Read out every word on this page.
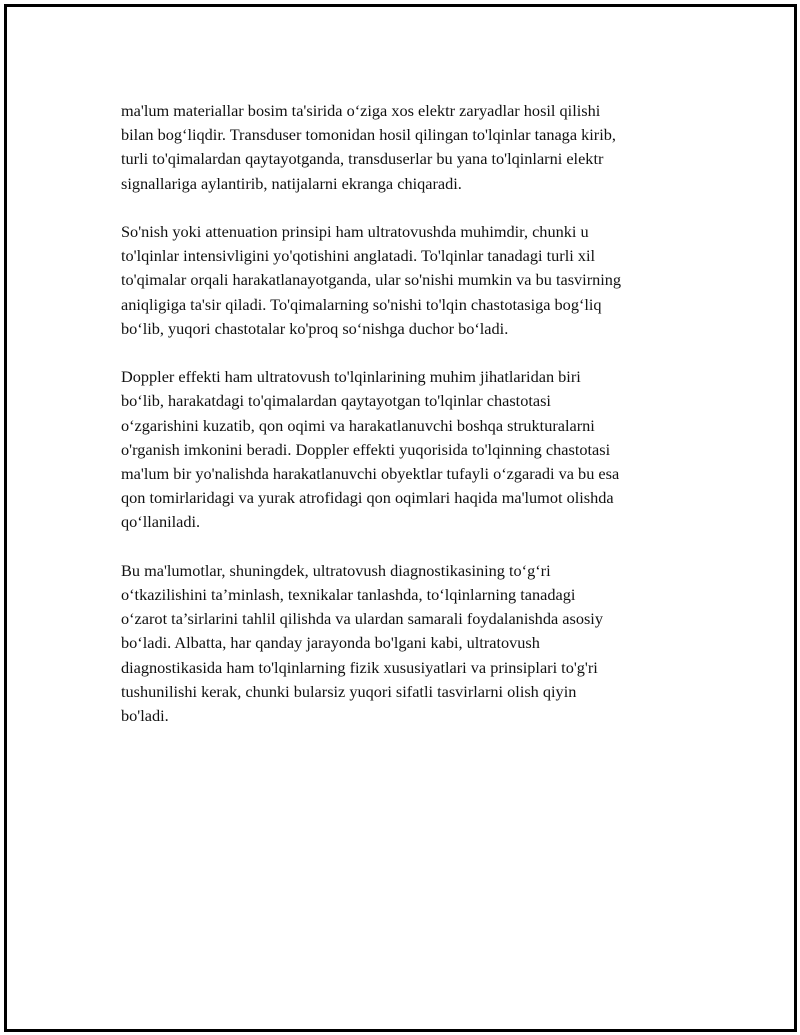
ma'lum materiallar bosim ta'sirida o‘ziga xos elektr zaryadlar hosil qilishi
bilan bog‘liqdir. Transduser tomonidan hosil qilingan to'lqinlar tanaga kirib,
turli to'qimalardan qaytayotganda, transduserlar bu yana to'lqinlarni elektr
signallariga aylantirib, natijalarni ekranga chiqaradi.

So'nish yoki attenuation prinsipi ham ultratovushda muhimdir, chunki u
to'lqinlar intensivligini yo'qotishini anglatadi. To'lqinlar tanadagi turli xil
to'qimalar orqali harakatlanayotganda, ular so'nishi mumkin va bu tasvirning
aniqligiga ta'sir qiladi. To'qimalarning so'nishi to'lqin chastotasiga bog‘liq
bo‘lib, yuqori chastotalar ko'proq so‘nishga duchor bo‘ladi.

Doppler effekti ham ultratovush to'lqinlarining muhim jihatlaridan biri
bo‘lib, harakatdagi to'qimalardan qaytayotgan to'lqinlar chastotasi
o‘zgarishini kuzatib, qon oqimi va harakatlanuvchi boshqa strukturalarni
o'rganish imkonini beradi. Doppler effekti yuqorisida to'lqinning chastotasi
ma'lum bir yo'nalishda harakatlanuvchi obyektlar tufayli o‘zgaradi va bu esa
qon tomirlaridagi va yurak atrofidagi qon oqimlari haqida ma'lumot olishda
qo‘llaniladi.

Bu ma'lumotlar, shuningdek, ultratovush diagnostikasining to‘g‘ri
o‘tkazilishini ta’minlash, texnikalar tanlashda, to‘lqinlarning tanadagi
o‘zarot ta’sirlarini tahlil qilishda va ulardan samarali foydalanishda asosiy
bo‘ladi. Albatta, har qanday jarayonda bo'lgani kabi, ultratovush
diagnostikasida ham to'lqinlarning fizik xususiyatlari va prinsiplari to'g'ri
tushunilishi kerak, chunki bularsiz yuqori sifatli tasvirlarni olish qiyin
bo'ladi.
